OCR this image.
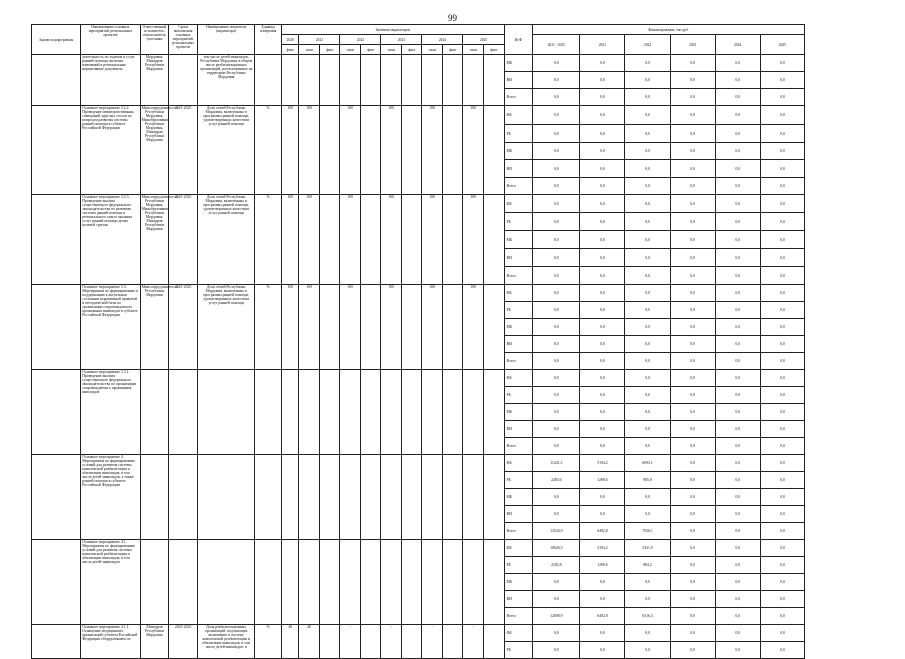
99
Задачи подпрограммы	Наименование основных мероприятий, региональных проектов	Ответственный исполнитель, соисполнитель, участники	Сроки выполнения основных мероприятий, региональных проектов	Наименование показателя (индикатора)	Единица измерения	Значения индикаторов											ИсФ	Финансирование, тыс.руб.					
						2020	2021		2022		2023		2024		2025			2021 - 2025	2021	2022	2023	2024	2025
						факт	план	факт	план	факт	план	факт	план	факт	план	факт							
	деятельность по задачам и услуг ранней помощи, включая изменений в региональные нормативные документы	Мордовия, Минздрав Республики Мордовия		том числе детей-инвалидов, Республики Мордовия, в общем числе реабилитационных организаций, расположенных на территории Республики Мордовия													МБ	0,0	0,0	0,0	0,0	0,0	0,0
																	ВИ	0,0	0,0	0,0	0,0	0,0	0,0
																	Всего	0,0	0,0	0,0	0,0	0,0	0,0
	Основное мероприятие 3.2.2. Проведение межведомственных совещаний, круглых столов по вопросам развития системы ранней помощи в субъекте Российской Федерации	Минсоцтрудзанятости Республики Мордовия, Минобразование Республики Мордовия, Минздрав Республики Мордовия	2021-2025	Доля семей Республики Мордовия, включенных в программы ранней помощи, удовлетворенных качеством услуг ранней помощи	%	100	100		100		100		100		100		ФБ	0,0	0,0	0,0	0,0	0,0	0,0
																	РБ	0,0	0,0	0,0	0,0	0,0	0,0
																	МБ	0,0	0,0	0,0	0,0	0,0	0,0
																	ВИ	0,0	0,0	0,0	0,0	0,0	0,0
																	Всего	0,0	0,0	0,0	0,0	0,0	0,0
	Основное мероприятие 3.2.3. Проведение анализа существующего федерального законодательства по развитию системы ранней помощи и регионального опыта оказания услуг ранней помощи детям целевой группы	Минсоцтрудзанятости Республики Мордовия, Минобразование Республики Мордовия, Минздрав Республики Мордовия	2021-2025	Доля семей Республики Мордовия, включенных в программы ранней помощи, удовлетворенных качеством услуг ранней помощи	%	100	100		100		100		100		100		ФБ	0,0	0,0	0,0	0,0	0,0	0,0
																	РБ	0,0	0,0	0,0	0,0	0,0	0,0
																	МБ	0,0	0,0	0,0	0,0	0,0	0,0
																	ВИ	0,0	0,0	0,0	0,0	0,0	0,0
																	Всего	0,0	0,0	0,0	0,0	0,0	0,0
	Основное мероприятие 3.3. Мероприятия по формированию и поддержанию в актуальном состоянии нормативной правовой и методической базы по организации сопровождаемого проживания инвалидов в субъекте Российской Федерации	Минсоцтрудзанятости Республики Мордовия	2021-2025	Доля семей Республики Мордовия, включенных в программы ранней помощи, удовлетворенных качеством услуг ранней помощи	%	100	100		100		100		100		100		ФБ	0,0	0,0	0,0	0,0	0,0	0,0
																	РБ	0,0	0,0	0,0	0,0	0,0	0,0
																	МБ	0,0	0,0	0,0	0,0	0,0	0,0
																	ВИ	0,0	0,0	0,0	0,0	0,0	0,0
																	Всего	0,0	0,0	0,0	0,0	0,0	0,0
	Основное мероприятие 3.3.1. Проведение анализа существующего федерального законодательства по организации сопровождаемого проживания инвалидов																ФБ	0,0	0,0	0,0	0,0	0,0	0,0
																	РБ	0,0	0,0	0,0	0,0	0,0	0,0
																	МБ	0,0	0,0	0,0	0,0	0,0	0,0
																	ВИ	0,0	0,0	0,0	0,0	0,0	0,0
																	Всего	0,0	0,0	0,0	0,0	0,0	0,0
	Основное мероприятие 4. Мероприятия по формированию условий для развития системы комплексной реабилитации и абилитации инвалидов, в том числе детей-инвалидов, а также ранней помощи в субъекте Российской Федерации																ФБ	11241,3	5194,2	6093,1	0,0	0,0	0,0
																	РБ	2283,6	1298,6	985,0	0,0	0,0	0,0
																	МБ	0,0	0,0	0,0	0,0	0,0	0,0
																	ВИ	0,0	0,0	0,0	0,0	0,0	0,0
																	Всего	13524,9	6492,8	7036,1	0,0	0,0	0,0
	Основное мероприятие 4.1. Мероприятия по формированию условий для развития системы комплексной реабилитации и абилитации инвалидов, в том числе детей-инвалидов																ФБ	10626,5	5194,2	5431,9	0,0	0,0	0,0
																	РБ	2182,8	1298,6	884,2	0,0	0,0	0,0
																	МБ	0,0	0,0	0,0	0,0	0,0	0,0
																	ВИ	0,0	0,0	0,0	0,0	0,0	0,0
																	Всего	12808,9	6492,8	6316,3	0,0	0,0	0,0
	Основное мероприятие 4.1.1. Оснащение медицинских организаций субъекта Российской Федерации оборудованием по	Минздрав Республики Мордовия	2021-2025	Доля реабилитационных организаций, подлежащих включению в систему комплексной реабилитации и абилитации инвалидов, в том числе детей-инвалидов, в	%	40	40		-		-		-		-		ФБ	0,0	0,0	0,0	0,0	0,0	0,0
																	РБ	0,0	0,0	0,0	0,0	0,0	0,0
